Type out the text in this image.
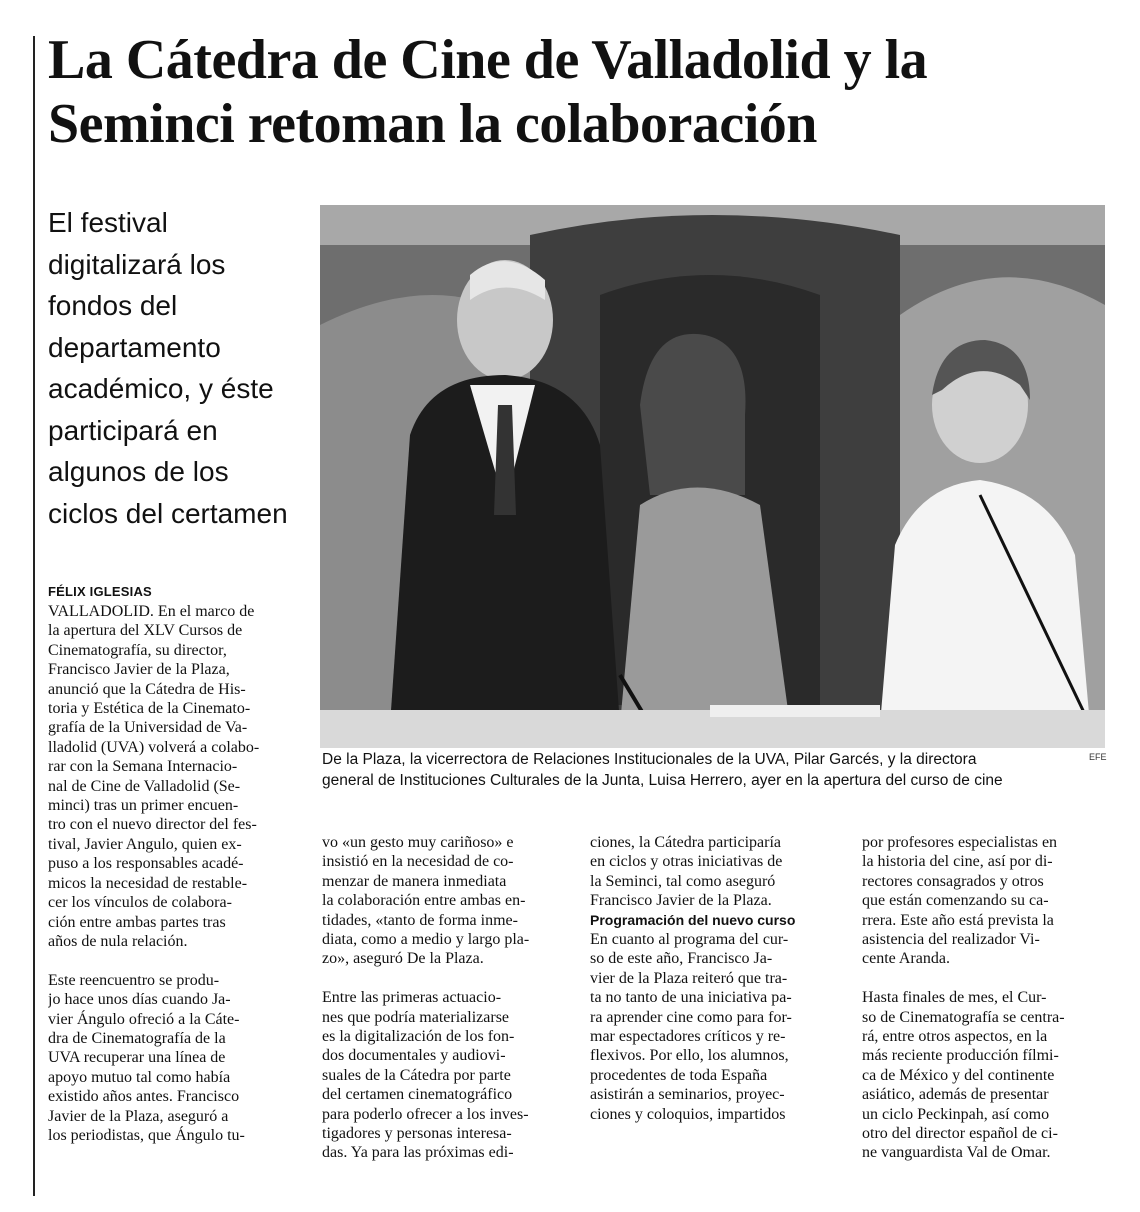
La Cátedra de Cine de Valladolid y la
Seminci retoman la colaboración
El festival
digitalizará los
fondos del
departamento
académico, y éste
participará en
algunos de los
ciclos del certamen
De la Plaza, la vicerrectora de Relaciones Institucionales de la UVA, Pilar Garcés, y la directora
general de Instituciones Culturales de la Junta, Luisa Herrero, ayer en la apertura del curso de cine
EFE
FÉLIX IGLESIAS
VALLADOLID. En el marco de
la apertura del XLV Cursos de
Cinematografía, su director,
Francisco Javier de la Plaza,
anunció que la Cátedra de His-
toria y Estética de la Cinemato-
grafía de la Universidad de Va-
lladolid (UVA) volverá a colabo-
rar con la Semana Internacio-
nal de Cine de Valladolid (Se-
minci) tras un primer encuen-
tro con el nuevo director del fes-
tival, Javier Angulo, quien ex-
puso a los responsables acadé-
micos la necesidad de restable-
cer los vínculos de colabora-
ción entre ambas partes tras
años de nula relación.
Este reencuentro se produ-
jo hace unos días cuando Ja-
vier Ángulo ofreció a la Cáte-
dra de Cinematografía de la
UVA recuperar una línea de
apoyo mutuo tal como había
existido años antes. Francisco
Javier de la Plaza, aseguró a
los periodistas, que Ángulo tu-
vo «un gesto muy cariñoso» e
insistió en la necesidad de co-
menzar de manera inmediata
la colaboración entre ambas en-
tidades, «tanto de forma inme-
diata, como a medio y largo pla-
zo», aseguró De la Plaza.
Entre las primeras actuacio-
nes que podría materializarse
es la digitalización de los fon-
dos documentales y audiovi-
suales de la Cátedra por parte
del certamen cinematográfico
para poderlo ofrecer a los inves-
tigadores y personas interesa-
das. Ya para las próximas edi-
ciones, la Cátedra participaría
en ciclos y otras iniciativas de
la Seminci, tal como aseguró
Francisco Javier de la Plaza.
Programación del nuevo curso
En cuanto al programa del cur-
so de este año, Francisco Ja-
vier de la Plaza reiteró que tra-
ta no tanto de una iniciativa pa-
ra aprender cine como para for-
mar espectadores críticos y re-
flexivos. Por ello, los alumnos,
procedentes de toda España
asistirán a seminarios, proyec-
ciones y coloquios, impartidos
por profesores especialistas en
la historia del cine, así por di-
rectores consagrados y otros
que están comenzando su ca-
rrera. Este año está prevista la
asistencia del realizador Vi-
cente Aranda.
Hasta finales de mes, el Cur-
so de Cinematografía se centra-
rá, entre otros aspectos, en la
más reciente producción fílmi-
ca de México y del continente
asiático, además de presentar
un ciclo Peckinpah, así como
otro del director español de ci-
ne vanguardista Val de Omar.
